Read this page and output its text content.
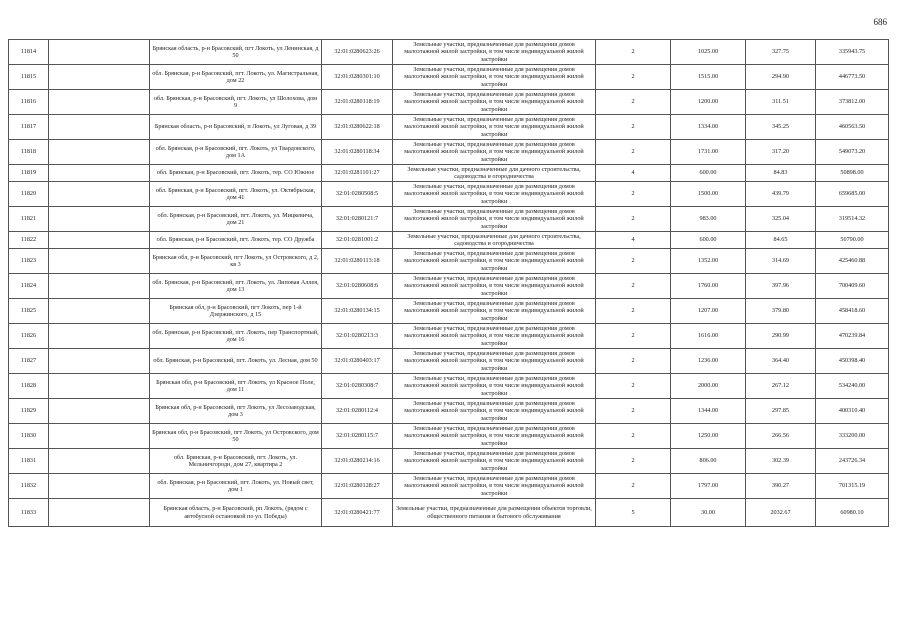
686
11814		Брянская область, р-н Брасовский, пгт Локоть, ул Ленинская, д 50	32:01:0280623:26	Земельные участки, предназначенные для размещения домов малоэтажной жилой застройки, в том числе индивидуальной жилой застройки	2	1025.00	327.75	335943.75
11815		обл. Брянская, р-н Брасовский, пгт. Локоть, ул. Магистральная, дом 22	32:01:0280301:10	Земельные участки, предназначенные для размещения домов малоэтажной жилой застройки, в том числе индивидуальной жилой застройки	2	1515.00	294.90	446773.50
11816		обл. Брянская, р-н Брасовский, пгт. Локоть, ул Шолохова, дом 9	32:01:0280118:19	Земельные участки, предназначенные для размещения домов малоэтажной жилой застройки, в том числе индивидуальной жилой застройки	2	1200.00	311.51	373812.00
11817		Брянская область, р-н Брасовский, п Локоть, ул Луговая, д 39	32:01:0280622:18	Земельные участки, предназначенные для размещения домов малоэтажной жилой застройки, в том числе индивидуальной жилой застройки	2	1334.00	345.25	460563.50
11818		обл. Брянская, р-н Брасовский, пгт. Локоть, ул Твардовского, дом 1А	32:01:0280118:34	Земельные участки, предназначенные для размещения домов малоэтажной жилой застройки, в том числе индивидуальной жилой застройки	2	1731.00	317.20	549073.20
11819		обл. Брянская, р-н Брасовский, пгт. Локоть, тер. СО Южное	32:01:0281101:27	Земельные участки, предназначенные для дачного строительства, садоводства и огородничества	4	600.00	84.83	50898.00
11820		обл. Брянская, р-н Брасовский, пгт. Локоть, ул. Октябрьская, дом 41	32:01:0280508:5	Земельные участки, предназначенные для размещения домов малоэтажной жилой застройки, в том числе индивидуальной жилой застройки	2	1500.00	439.79	659685.00
11821		обл. Брянская, р-н Брасовский, пгт. Локоть, ул. Мицкевича, дом 21	32:01:0280121:7	Земельные участки, предназначенные для размещения домов малоэтажной жилой застройки, в том числе индивидуальной жилой застройки	2	983.00	325.04	319514.32
11822		обл. Брянская, р-н Брасовский, пгт. Локоть, тер. СО Дружба	32:01:0281001:2	Земельные участки, предназначенные для дачного строительства, садоводства и огородничества	4	600.00	84.65	50790.00
11823		Брянская обл, р-н Брасовский, пгт Локоть, ул Островского, д 2, кв 3	32:01:0280113:18	Земельные участки, предназначенные для размещения домов малоэтажной жилой застройки, в том числе индивидуальной жилой застройки	2	1352.00	314.69	425460.88
11824		обл. Брянская, р-н Брасовский, пгт. Локоть, ул. Липовая Аллея, дом 13	32:01:0280608:6	Земельные участки, предназначенные для размещения домов малоэтажной жилой застройки, в том числе индивидуальной жилой застройки	2	1760.00	397.96	700409.60
11825		Брянская обл, р-н Брасовский, пгт Локоть, пер 1-й Дзержинского, д 15	32:01:0280134:15	Земельные участки, предназначенные для размещения домов малоэтажной жилой застройки, в том числе индивидуальной жилой застройки	2	1207.00	379.80	458418.60
11826		обл. Брянская, р-н Брасовский, пгт. Локоть, пер Транспортный, дом 16	32:01:0280213:3	Земельные участки, предназначенные для размещения домов малоэтажной жилой застройки, в том числе индивидуальной жилой застройки	2	1616.00	290.99	470239.84
11827		обл. Брянская, р-н Брасовский, пгт. Локоть, ул. Лесная, дом 50	32:01:0280403:17	Земельные участки, предназначенные для размещения домов малоэтажной жилой застройки, в том числе индивидуальной жилой застройки	2	1236.00	364.40	450398.40
11828		Брянская обл, р-н Брасовский, пгт Локоть, ул Красное Поле, дом 11	32:01:0280308:7	Земельные участки, предназначенные для размещения домов малоэтажной жилой застройки, в том числе индивидуальной жилой застройки	2	2000.00	267.12	534240.00
11829		Брянская обл, р-н Брасовский, пгт Локоть, ул Лесозаводская, дом 3	32:01:0280112:4	Земельные участки, предназначенные для размещения домов малоэтажной жилой застройки, в том числе индивидуальной жилой застройки	2	1344.00	297.85	400310.40
11830		Брянская обл, р-н Брасовский, пгт Локоть, ул Островского, дом 50	32:01:0280115:7	Земельные участки, предназначенные для размещения домов малоэтажной жилой застройки, в том числе индивидуальной жилой застройки	2	1250.00	266.56	333200.00
11831		обл. Брянская, р-н Брасовский, пгт. Локоть, ул. Мельничгородн, дом 27, квартира 2	32:01:0280214:16	Земельные участки, предназначенные для размещения домов малоэтажной жилой застройки, в том числе индивидуальной жилой застройки	2	806.00	302.39	243726.34
11832		обл. Брянская, р-н Брасовский, пгт. Локоть, ул. Новый свет, дом 1	32:01:0280128:27	Земельные участки, предназначенные для размещения домов малоэтажной жилой застройки, в том числе индивидуальной жилой застройки	2	1797.00	390.27	701315.19
11833		Брянская область, р-н Брасовский, рп Локоть, (рядом с автобусной остановкой по ул. Победы)	32:01:0280421:77	Земельные участки, предназначенные для размещения объектов торговли, общественного питания и бытового обслуживания	5	30.00	2032.67	60980.10
